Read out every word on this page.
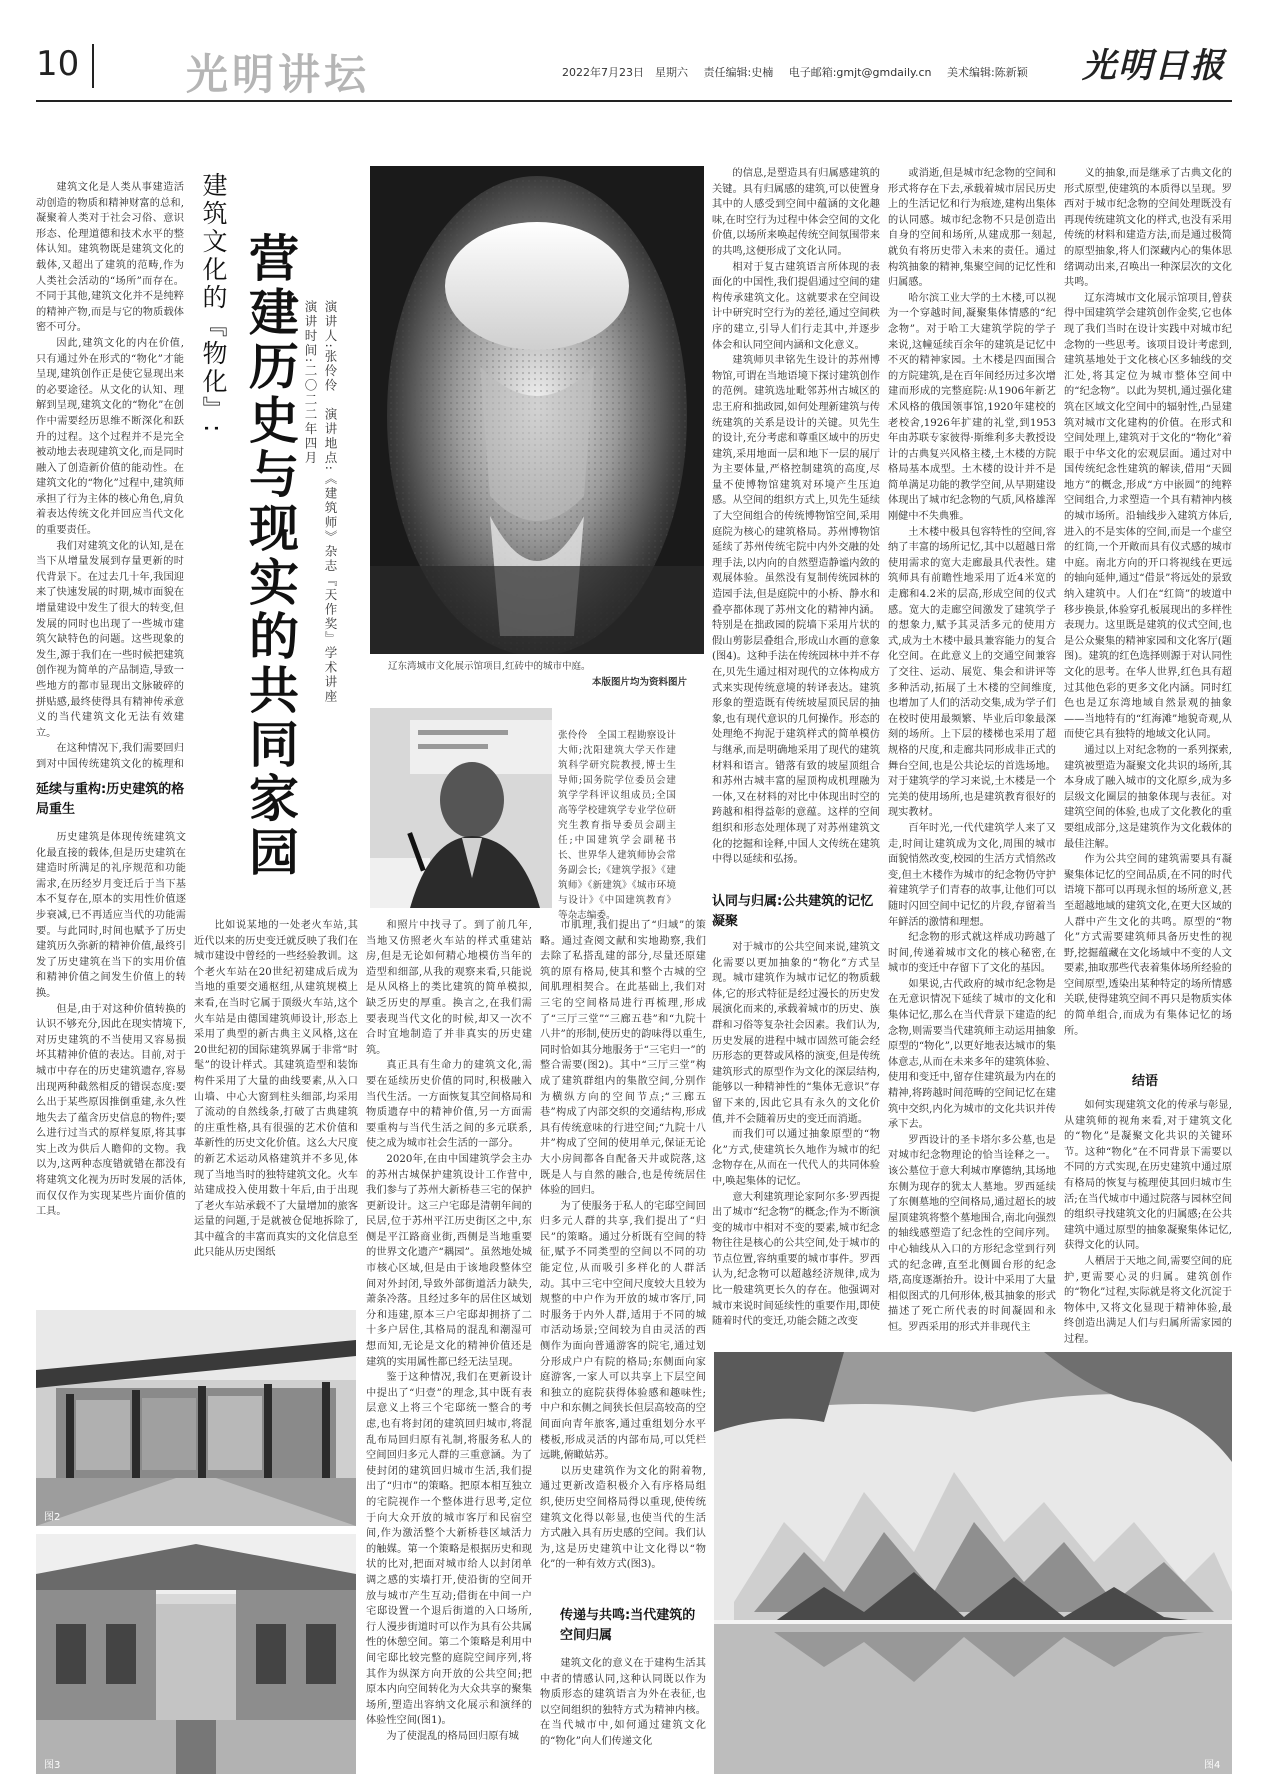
10	光明讲坛	2022年7月23日　星期六 责任编辑:史楠 电子邮箱:gmjt@gmdaily.cn 美术编辑:陈新颖	光明日报

建筑文化是人类从事建造活动创造的物质和精神财富的总和,凝聚着人类对于社会习俗、意识形态、伦理道德和技术水平的整体认知。建筑物既是建筑文化的载体,又超出了建筑的范畴,作为人类社会活动的“场所”而存在。不同于其他,建筑文化并不是纯粹的精神产物,而是与它的物质载体密不可分。

因此,建筑文化的内在价值,只有通过外在形式的“物化”才能呈现,建筑创作正是使它显现出来的必要途径。从文化的认知、理解到呈现,建筑文化的“物化”在创作中需要经历思维不断深化和跃升的过程。这个过程并不是完全被动地去表现建筑文化,而是同时融入了创造新价值的能动性。在建筑文化的“物化”过程中,建筑师承担了行为主体的核心角色,肩负着表达传统文化并回应当代文化的重要责任。

我们对建筑文化的认知,是在当下从增量发展到存量更新的时代背景下。在过去几十年,我国迎来了快速发展的时期,城市面貌在增量建设中发生了很大的转变,但发展的同时也出现了一些城市建筑欠缺特色的问题。这些现象的发生,源于我们在一些时候把建筑创作视为简单的产品制造,导致一些地方的都市显现出文脉破碎的拼贴感,最终使得具有精神传承意义的当代建筑文化无法有效建立。

在这种情况下,我们需要回归到对中国传统建筑文化的梳理和

建筑文化的『物化』: 营建历史与现实的共同家园	演讲人:张伶伶　演讲地点:《建筑师》杂志『天作奖』学术讲座　演讲时间:二〇二二年四月
辽东湾城市文化展示馆项目,红砖中的城市中庭。
本版图片均为资料图片
张伶伶　全国工程勘察设计大师;沈阳建筑大学天作建筑科学研究院教授,博士生导师;国务院学位委员会建筑学学科评议组成员;全国高等学校建筑学专业学位研究生教育指导委员会副主任;中国建筑学会副秘书长、世界华人建筑师协会常务副会长;《建筑学报》《建筑师》《新建筑》《城市环境与设计》《中国建筑教育》等杂志编委。

的信息,是塑造具有归属感建筑的关键。具有归属感的建筑,可以使置身其中的人感受到空间中蕴涵的文化趣味,在时空行为过程中体会空间的文化价值,以场所来唤起传统空间氛围带来的共鸣,这便形成了文化认同。

相对于复古建筑语言所体现的表面化的中国性,我们提倡通过空间的建构传承建筑文化。这就要求在空间设计中研究时空行为的差径,通过空间秩序的建立,引导人们行走其中,并逐步体会和认同空间内涵和文化意义。

建筑师贝聿铭先生设计的苏州博物馆,可谓在当地语境下探讨建筑创作的范例。建筑选址毗邻苏州古城区的忠王府和拙政园,如何处理新建筑与传统建筑的关系是设计的关键。贝先生的设计,充分考虑和尊重区域中的历史建筑,采用地面一层和地下一层的展厅为主要体量,严格控制建筑的高度,尽量不使博物馆建筑对环境产生压迫感。从空间的组织方式上,贝先生延续了大空间组合的传统博物馆空间,采用庭院为核心的建筑格局。苏州博物馆延续了苏州传统宅院中内外交融的处理手法,以内向的自然塑造静谧内敛的观展体验。虽然没有复制传统园林的造园手法,但是庭院中的小桥、静水和叠亭都体现了苏州文化的精神内涵。特别是在拙政园的院墙下采用片状的假山剪影层叠组合,形成山水画的意象(图4)。这种手法在传统园林中并不存在,贝先生通过相对现代的立体构成方式来实现传统意境的转译表达。建筑形象的塑造既有传统坡屋顶民居的抽象,也有现代意识的几何操作。形态的处理绝不拘泥于建筑样式的简单模仿与继承,而是明确地采用了现代的建筑材料和语言。错落有致的坡屋顶组合和苏州古城丰富的屋顶构成机理融为一体,又在材料的对比中体现出时空的跨越和相得益彰的意蕴。这样的空间组织和形态处理体现了对苏州建筑文化的挖掘和诠释,中国人文传统在建筑中得以延续和弘扬。

认同与归属:公共建筑的记忆凝聚

对于城市的公共空间来说,建筑文化需要以更加抽象的“物化”方式呈现。城市建筑作为城市记忆的物质载体,它的形式特征是经过漫长的历史发展演化而来的,承载着城市的历史、族群和习俗等复杂社会因素。我们认为,历史发展的进程中城市固然可能会经历形态的更替或风格的演变,但是传统建筑形式的原型作为文化的深层结构,能够以一种精神性的“集体无意识”存留下来的,因此它具有永久的文化价值,并不会随着历史的变迁而消逝。

而我们可以通过抽象原型的“物化”方式,使建筑长久地作为城市的纪念物存在,从而在一代代人的共同体验中,唤起集体的记忆。

意大利建筑理论家阿尔多·罗西提出了城市“纪念物”的概念;作为不断演变的城市中相对不变的要素,城市纪念物往往是核心的公共空间,处于城市的节点位置,容纳重要的城市事件。罗西认为,纪念物可以超越经济规律,成为比一般建筑更长久的存在。他强调对城市来说时间延续性的重要作用,即使随着时代的变迁,功能会随之改变

或消逝,但是城市纪念物的空间和形式将存在下去,承载着城市居民历史上的生活记忆和行为痕迹,建构出集体的认同感。城市纪念物不只是创造出自身的空间和场所,从建成那一刻起,就负有将历史带入未来的责任。通过构筑抽象的精神,集聚空间的记忆性和归属感。

哈尔滨工业大学的土木楼,可以视为一个穿越时间,凝聚集体情感的“纪念物”。对于哈工大建筑学院的学子来说,这幢延续百余年的建筑是记忆中不灭的精神家园。土木楼是四面围合的方院建筑,是在百年间经历过多次增建而形成的完整庭院:从1906年新艺术风格的俄国领事馆,1920年建校的老校舍,1926年扩建的礼堂,到1953年由苏联专家彼得·斯维利多夫教授设计的古典复兴风格主楼,土木楼的方院格局基本成型。土木楼的设计并不是简单满足功能的教学空间,从早期建设体现出了城市纪念物的气质,风格雄浑刚健中不失典雅。

土木楼中极具包容特性的空间,容纳了丰富的场所记忆,其中以超越日常使用需求的宽大走廊最具代表性。建筑师具有前瞻性地采用了近4米宽的走廊和4.2米的层高,形成空间的仪式感。宽大的走廊空间激发了建筑学子的想象力,赋予其灵活多元的使用方式,成为土木楼中最具兼容能力的复合化空间。在此意义上的交通空间兼容了交往、运动、展览、集会和讲评等多种活动,拓展了土木楼的空间维度,也增加了人们的活动交集,成为学子们在校时使用最频繁、毕业后印象最深刻的场所。上下层的楼梯也采用了超规格的尺度,和走廊共同形成非正式的舞台空间,也是公共论坛的首选场地。对于建筑学的学习来说,土木楼是一个完美的使用场所,也是建筑教育很好的现实教材。

百年时光,一代代建筑学人来了又走,时间让建筑成为文化,周围的城市面貌悄然改变,校园的生活方式悄然改变,但土木楼作为城市的纪念物仍守护着建筑学子们青春的故事,让他们可以随时闪回空间中记忆的片段,存留着当年鲜活的激情和理想。

纪念物的形式就这样成功跨越了时间,传递着城市文化的核心秘密,在城市的变迁中存留下了文化的基因。

如果说,古代政府的城市纪念物是在无意识情况下延续了城市的文化和集体记忆,那么在当代背景下建造的纪念物,则需要当代建筑师主动运用抽象原型的“物化”,以更好地表达城市的集体意志,从而在未来多年的建筑体验、使用和变迁中,留存住建筑最为内在的精神,将跨越时间范畴的空间记忆在建筑中交织,内化为城市的文化共识并传承下去。

罗西设计的圣卡塔尔多公墓,也是对城市纪念物理论的恰当诠释之一。该公墓位于意大利城市摩德纳,其场地东侧为现存的犹太人墓地。罗西延续了东侧墓地的空间格局,通过超长的坡屋顶建筑将整个墓地围合,南北向强烈的轴线感塑造了纪念性的空间序列。中心轴线从入口的方形纪念堂到行列式的纪念碑,直至北侧圆台形的纪念塔,高度逐渐抬升。设计中采用了大量相似图式的几何形体,极其抽象的形式描述了死亡所代表的时间凝固和永恒。罗西采用的形式并非现代主

义的抽象,而是继承了古典文化的形式原型,使建筑的本质得以呈现。罗西对于城市纪念物的空间处理既没有再现传统建筑文化的样式,也没有采用传统的材料和建造方法,而是通过极简的原型抽象,将人们深藏内心的集体思绪调动出来,召唤出一种深层次的文化共鸣。

辽东湾城市文化展示馆项目,曾获得中国建筑学会建筑创作金奖,它也体现了我们当时在设计实践中对城市纪念物的一些思考。该项目设计考虑到,建筑基地处于文化核心区多轴线的交汇处,将其定位为城市整体空间中的“纪念物”。以此为契机,通过强化建筑在区域文化空间中的辐射性,凸显建筑对城市文化建构的价值。在形式和空间处理上,建筑对于文化的“物化”着眼于中华文化的宏观层面。通过对中国传统纪念性建筑的解读,借用“天圆地方”的概念,形成“方中嵌圆”的纯粹空间组合,力求塑造一个具有精神内核的城市场所。沿轴线步入建筑方体后,进入的不是实体的空间,而是一个虚空的红筒,一个开敞而具有仪式感的城市中庭。南北方向的开口将视线在更远的轴向延伸,通过“借景”将远处的景致纳入建筑中。人们在“红筒”的坡道中移步换景,体验穿孔板展现出的多样性表现力。这里既是建筑的仪式空间,也是公众聚集的精神家园和文化客厅(题图)。建筑的红色选择则源于对认同性文化的思考。在华人世界,红色具有超过其他色彩的更多文化内涵。同时红色也是辽东湾地域自然景观的抽象——当地特有的“红海滩”地貌奇观,从而使它具有独特的地域文化认同。

通过以上对纪念物的一系列探索,建筑被塑造为凝聚文化共识的场所,其本身成了融入城市的文化原乡,成为多层级文化圈层的抽象体现与表征。对建筑空间的体验,也成了文化教化的重要组成部分,这是建筑作为文化载体的最佳注解。

作为公共空间的建筑需要具有凝聚集体记忆的空间品质,在不同的时代语境下都可以再现永恒的场所意义,甚至超越地域的建筑文化,在更大区域的人群中产生文化的共鸣。原型的“物化”方式需要建筑师具备历史性的视野,挖掘蕴藏在文化场域中不变的人文要素,抽取那些代表着集体场所经验的空间原型,透染出某种特定的场所情感关联,使得建筑空间不再只是物质实体的简单组合,而成为有集体记忆的场所。

结语

如何实现建筑文化的传承与彰显,从建筑师的视角来看,对于建筑文化的“物化”是凝聚文化共识的关键环节。这种“物化”在不同背景下需要以不同的方式实现,在历史建筑中通过原有格局的恢复与梳理使其回归城市生活;在当代城市中通过院落与园林空间的组织寻找建筑文化的归属感;在公共建筑中通过原型的抽象凝聚集体记忆,获得文化的认同。

人栖居于天地之间,需要空间的庇护,更需要心灵的归属。建筑创作的“物化”过程,实际就是将文化沉淀于物体中,又将文化显现于精神体验,最终创造出满足人们与归属所需家园的过程。

延续与重构:历史建筑的格局重生

历史建筑是体现传统建筑文化最直接的载体,但是历史建筑在建造时所满足的礼序规范和功能需求,在历经岁月变迁后于当下基本不复存在,原本的实用性价值逐步衰减,已不再适应当代的功能需要。与此同时,时间也赋予了历史建筑历久弥新的精神价值,最终引发了历史建筑在当下的实用价值和精神价值之间发生价值上的转换。

但是,由于对这种价值转换的认识不够充分,因此在现实情境下,对历史建筑的不当使用又容易损坏其精神价值的表达。目前,对于城市中存在的历史建筑遗存,容易出现两种截然相反的错误态度:要么出于某些原因推倒重建,永久性地失去了蕴含历史信息的物件;要么进行过当式的原样复原,将其事实上改为供后人瞻仰的文物。我以为,这两种态度错就错在都没有将建筑文化视为历时发展的活体,而仅仅作为实现某些片面价值的工具。

比如说某地的一处老火车站,其近代以来的历史变迁就反映了我们在城市建设中曾经的一些经验教训。这个老火车站在20世纪初建成后成为当地的重要交通枢纽,从建筑规模上来看,在当时它属于顶级火车站,这个火车站是由德国建筑师设计,形态上采用了典型的新古典主义风格,这在20世纪初的国际建筑界属于非常“时髦”的设计样式。其建筑造型和装饰构件采用了大量的曲线要素,从入口山墙、中心大窗到柱头细部,均采用了流动的自然线条,打破了古典建筑的庄重性格,具有很强的艺术价值和革新性的历史文化价值。这么大尺度的新艺术运动风格建筑并不多见,体现了当地当时的独特建筑文化。火车站建成投入使用数十年后,由于出现了老火车站承载不了大量增加的旅客运量的问题,于是就被仓促地拆除了,其中蕴含的丰富而真实的文化信息至此只能从历史图纸

和照片中找寻了。到了前几年,当地又仿照老火车站的样式重建站房,但是无论如何精心地模仿当年的造型和细部,从我的观察来看,只能说是从风格上的类比建筑的简单模拟,缺乏历史的厚重。换言之,在我们需要表现当代文化的时候,却又一次不合时宜地制造了并非真实的历史建筑。

真正具有生命力的建筑文化,需要在延续历史价值的同时,积极融入当代生活。一方面恢复其空间格局和物质遗存中的精神价值,另一方面需要重构与当代生活之间的多元联系,使之成为城市社会生活的一部分。

2020年,在由中国建筑学会主办的苏州古城保护建筑设计工作营中,我们参与了苏州大新桥巷三宅的保护更新设计。这三户宅邸是清朝年间的民居,位于苏州平江历史街区之中,东侧是平江路商业街,西侧是当地重要的世界文化遗产“耦园”。虽然地处城市核心区域,但是由于该地段整体空间对外封闭,导致外部街道活力缺失,萧条冷落。且经过多年的居住区域划分和违建,原本三户宅邸却拥挤了二十多户居住,其格局的混乱和潮湿可想而知,无论是文化的精神价值还是建筑的实用属性都已经无法呈现。

鉴于这种情况,我们在更新设计中提出了“归壹”的理念,其中既有表层意义上将三个宅邸统一整合的考虑,也有将封闭的建筑回归城市,将混乱布局回归原有礼制,将服务私人的空间回归多元人群的三重意涵。为了使封闭的建筑回归城市生活,我们提出了“归市”的策略。把原本相互独立的宅院视作一个整体进行思考,定位于向大众开放的城市客厅和民宿空间,作为激活整个大新桥巷区域活力的触媒。第一个策略是根据历史和现状的比对,把面对城市给人以封闭单调之感的实墙打开,使沿街的空间开放与城市产生互动;借街在中间一户宅邸设置一个退后街道的入口场所,行人漫步街道时可以作为具有公共属性的休憩空间。第二个策略是利用中间宅邸比较完整的庭院空间序列,将其作为纵深方向开放的公共空间;把原本内向空间转化为大众共享的聚集场所,塑造出容纳文化展示和演绎的体验性空间(图1)。

为了使混乱的格局回归原有城

市肌理,我们提出了“归域”的策略。通过查阅文献和实地勘察,我们去除了私搭乱建的部分,尽量还原建筑的原有格局,使其和整个古城的空间肌理相契合。在此基础上,我们对三宅的空间格局进行再梳理,形成了“三厅三堂”“三廊五巷”和“九院十八井”的形制,使历史的韵味得以重生,同时恰如其分地服务于“三宅归一”的整合需要(图2)。其中“三厅三堂”构成了建筑群组内的集散空间,分别作为横纵方向的空间节点;“三廊五巷”构成了内部交织的交通结构,形成具有传统意味的行进空间;“九院十八井”构成了空间的使用单元,保证无论大小房间都各自配备天井或院落,这既是人与自然的融合,也是传统居住体验的回归。

为了使服务于私人的宅邸空间回归多元人群的共享,我们提出了“归民”的策略。通过分析既有空间的特征,赋予不同类型的空间以不同的功能定位,从而吸引多样化的人群活动。其中三宅中空间尺度较大且较为规整的中户作为开放的城市客厅,同时服务于内外人群,适用于不同的城市活动场景;空间较为自由灵活的西侧作为面向普通游客的院宅,通过划分形成户户有院的格局;东侧面向家庭游客,一家人可以共享上下层空间和独立的庭院获得体验感和趣味性;中户和东侧之间狭长但层高较高的空间面向青年旅客,通过重组划分水平楼板,形成灵活的内部布局,可以凭栏远眺,俯瞰姑苏。

以历史建筑作为文化的附着物,通过更新改造积极介入有序格局组织,使历史空间格局得以重现,使传统建筑文化得以彰显,也使当代的生活方式融入具有历史感的空间。我们认为,这是历史建筑中让文化得以“物化”的一种有效方式(图3)。

传递与共鸣:当代建筑的空间归属

建筑文化的意义在于建构生活其中者的情感认同,这种认同既以作为物质形态的建筑语言为外在表征,也以空间组织的独特方式为精神内核。在当代城市中,如何通过建筑文化的“物化”向人们传递文化

图2
图3	图4
